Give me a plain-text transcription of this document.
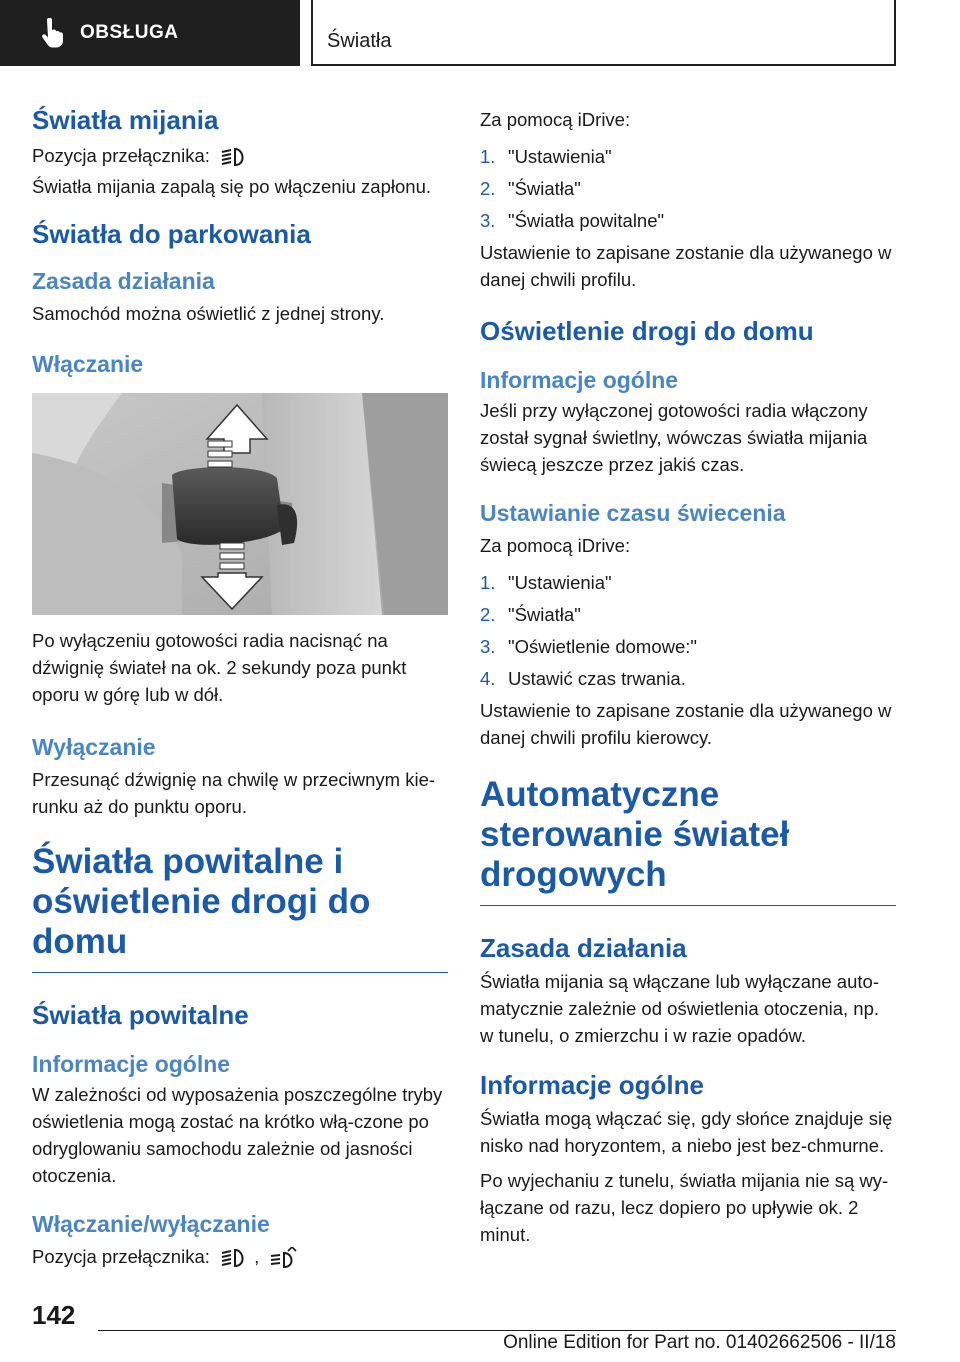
OBSŁUGA	Światła
Światła mijania
Pozycja przełącznika:
Światła mijania zapalą się po włączeniu zapłonu.
Światła do parkowania
Zasada działania
Samochód można oświetlić z jednej strony.
Włączanie
Po wyłączeniu gotowości radia nacisnąć na dźwignię świateł na ok. 2 sekundy poza punkt oporu w górę lub w dół.
Wyłączanie
Przesunąć dźwignię na chwilę w przeciwnym kie-runku aż do punktu oporu.
Światła powitalne i oświetlenie drogi do domu
Światła powitalne
Informacje ogólne
W zależności od wyposażenia poszczególne tryby oświetlenia mogą zostać na krótko włą-czone po odryglowaniu samochodu zależnie od jasności otoczenia.
Włączanie/wyłączanie
Pozycja przełącznika: ,
Za pomocą iDrive:
1. "Ustawienia"
2. "Światła"
3. "Światła powitalne"
Ustawienie to zapisane zostanie dla używanego w danej chwili profilu.
Oświetlenie drogi do domu
Informacje ogólne
Jeśli przy wyłączonej gotowości radia włączony został sygnał świetlny, wówczas światła mijania świecą jeszcze przez jakiś czas.
Ustawianie czasu świecenia
Za pomocą iDrive:
1. "Ustawienia"
2. "Światła"
3. "Oświetlenie domowe:"
4. Ustawić czas trwania.
Ustawienie to zapisane zostanie dla używanego w danej chwili profilu kierowcy.
Automatyczne sterowanie świateł drogowych
Zasada działania
Światła mijania są włączane lub wyłączane auto-matycznie zależnie od oświetlenia otoczenia, np. w tunelu, o zmierzchu i w razie opadów.
Informacje ogólne
Światła mogą włączać się, gdy słońce znajduje się nisko nad horyzontem, a niebo jest bez-chmurne.
Po wyjechaniu z tunelu, światła mijania nie są wy-łączane od razu, lecz dopiero po upływie ok. 2 minut.
142
Online Edition for Part no. 01402662506 - II/18
